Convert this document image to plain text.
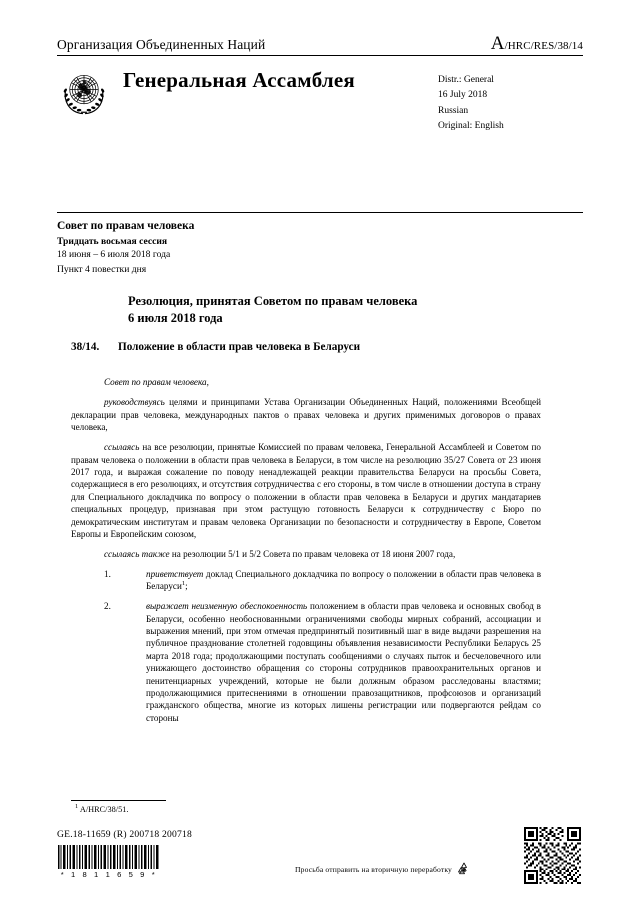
Организация Объединенных Наций	A/HRC/RES/38/14
Генеральная Ассамблея	Distr.: General
16 July 2018
Russian
Original: English
Совет по правам человека
Тридцать восьмая сессия
18 июня – 6 июля 2018 года
Пункт 4 повестки дня
Резолюция, принятая Советом по правам человека
6 июля 2018 года
38/14.	Положение в области прав человека в Беларуси

Совет по правам человека,

руководствуясь целями и принципами Устава Организации Объединенных Наций, положениями Всеобщей декларации прав человека, международных пактов о правах человека и других применимых договоров о правах человека,

ссылаясь на все резолюции, принятые Комиссией по правам человека, Генеральной Ассамблеей и Советом по правам человека о положении в области прав человека в Беларуси, в том числе на резолюцию 35/27 Совета от 23 июня 2017 года, и выражая сожаление по поводу ненадлежащей реакции правительства Беларуси на просьбы Совета, содержащиеся в его резолюциях, и отсутствия сотрудничества с его стороны, в том числе в отношении доступа в страну для Специального докладчика по вопросу о положении в области прав человека в Беларуси и других мандатариев специальных процедур, признавая при этом растущую готовность Беларуси к сотрудничеству с Бюро по демократическим институтам и правам человека Организации по безопасности и сотрудничеству в Европе, Советом Европы и Европейским союзом,

ссылаясь также на резолюции 5/1 и 5/2 Совета по правам человека от 18 июня 2007 года,

1.	приветствует доклад Специального докладчика по вопросу о положении в области прав человека в Беларуси$^1$;

2.	выражает неизменную обеспокоенность положением в области прав человека и основных свобод в Беларуси, особенно необоснованными ограничениями свободы мирных собраний, ассоциации и выражения мнений, при этом отмечая предпринятый позитивный шаг в виде выдачи разрешения на публичное празднование столетней годовщины объявления независимости Республики Беларусь 25 марта 2018 года; продолжающими поступать сообщениями о случаях пыток и бесчеловечного или унижающего достоинство обращения со стороны сотрудников правоохранительных органов и пенитенциарных учреждений, которые не были должным образом расследованы властями; продолжающимися притеснениями в отношении правозащитников, профсоюзов и организаций гражданского общества, многие из которых лишены регистрации или подвергаются рейдам со стороны

$^1$ A/HRC/38/51.
GE.18-11659 (R) 200718 200718
* 1 8 1 1 6 5 9 *
Просьба отправить на вторичную переработку
